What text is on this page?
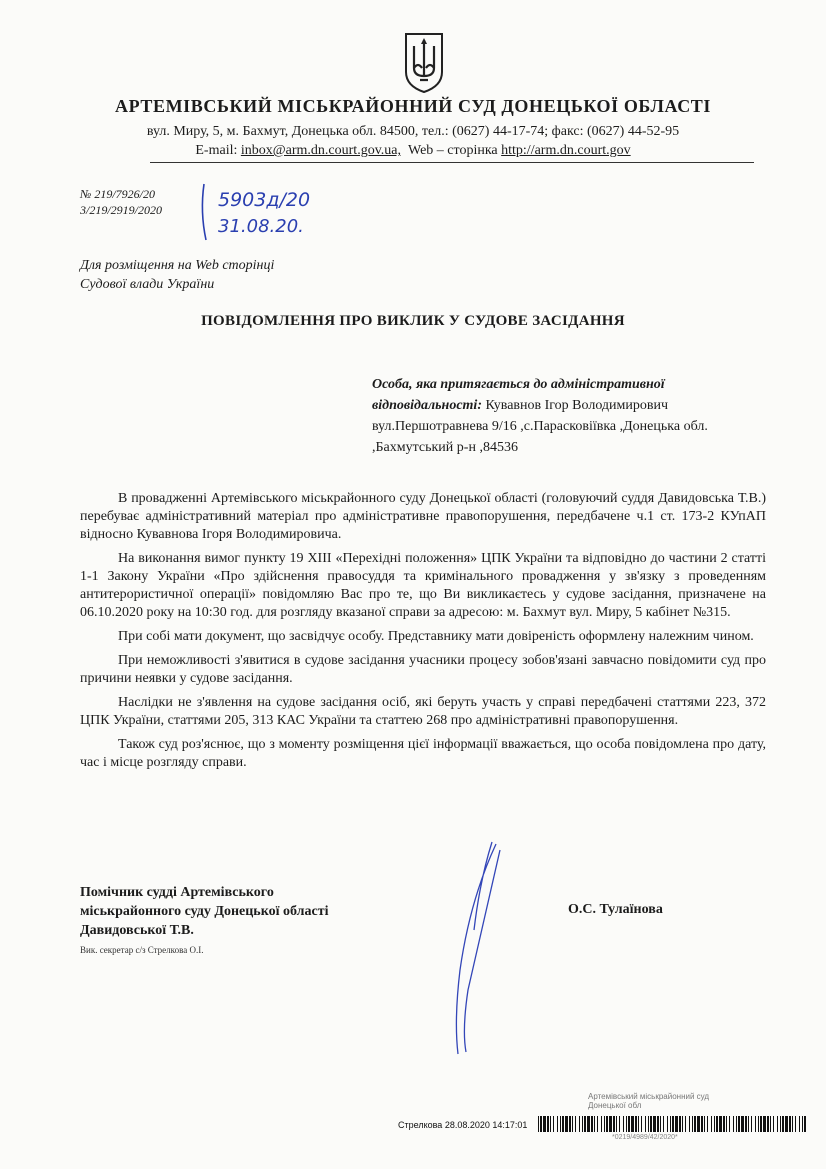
АРТЕМІВСЬКИЙ МІСЬКРАЙОННИЙ СУД ДОНЕЦЬКОЇ ОБЛАСТІ
вул. Миру, 5, м. Бахмут, Донецька обл. 84500, тел.: (0627) 44-17-74; факс: (0627) 44-52-95
E-mail: inbox@arm.dn.court.gov.ua, Web – сторінка http://arm.dn.court.gov
№ 219/7926/20
3/219/2919/2020	5903д/20
31.08.20.
Для розміщення на Web сторінці
Судової влади України
ПОВІДОМЛЕННЯ ПРО ВИКЛИК У СУДОВЕ ЗАСІДАННЯ
Особа, яка притягається до адміністративної відповідальності: Кувавнов Ігор Володимирович вул.Першотравнева 9/16 ,с.Парасковіївка ,Донецька обл. ,Бахмутський р-н ,84536

В провадженні Артемівського міськрайонного суду Донецької області (головуючий суддя Давидовська Т.В.) перебуває адміністративний матеріал про адміністративне правопорушення, передбачене ч.1 ст. 173-2 КУпАП відносно Кувавнова Ігоря Володимировича.

На виконання вимог пункту 19 ХІІІ «Перехідні положення» ЦПК України та відповідно до частини 2 статті 1-1 Закону України «Про здійснення правосуддя та кримінального провадження у зв'язку з проведенням антитерористичної операції» повідомляю Вас про те, що Ви викликаєтесь у судове засідання, призначене на 06.10.2020 року на 10:30 год. для розгляду вказаної справи за адресою: м. Бахмут вул. Миру, 5 кабінет №315.

При собі мати документ, що засвідчує особу. Представнику мати довіреність оформлену належним чином.

При неможливості з'явитися в судове засідання учасники процесу зобов'язані завчасно повідомити суд про причини неявки у судове засідання.

Наслідки не з'явлення на судове засідання осіб, які беруть участь у справі передбачені статтями 223, 372 ЦПК України, статтями 205, 313 КАС України та статтею 268 про адміністративні правопорушення.

Також суд роз'яснює, що з моменту розміщення цієї інформації вважається, що особа повідомлена про дату, час і місце розгляду справи.

Помічник судді Артемівського
міськрайонного суду Донецької області
Давидовської Т.В.
О.С. Тулаїнова
Вик. секретар с/з Стрелкова О.І.
Артемівський міськрайонний суд
Донецької обл
Стрелкова 28.08.2020 14:17:01
*0219/4989/42/2020*
